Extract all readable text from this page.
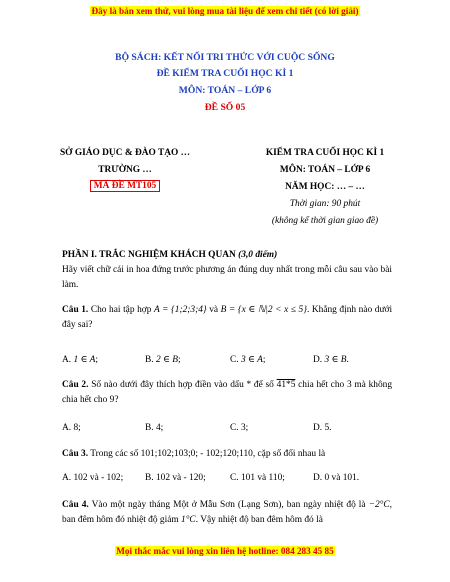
Đây là bản xem thử, vui lòng mua tài liệu để xem chi tiết (có lời giải)
BỘ SÁCH: KẾT NỐI TRI THỨC VỚI CUỘC SỐNG
ĐỀ KIỂM TRA CUỐI HỌC KÌ 1
MÔN: TOÁN – LỚP 6
ĐỀ SỐ 05
SỞ GIÁO DỤC & ĐÀO TẠO …
TRƯỜNG …
MÃ ĐỀ MT105
KIỂM TRA CUỐI HỌC KÌ 1
MÔN: TOÁN – LỚP 6
NĂM HỌC: … – …
Thời gian: 90 phút
(không kể thời gian giao đề)
PHẦN I. TRẮC NGHIỆM KHÁCH QUAN (3,0 điểm)
Hãy viết chữ cái in hoa đứng trước phương án đúng duy nhất trong mỗi câu sau vào bài làm.
Câu 1. Cho hai tập hợp A = {1;2;3;4} và B = {x ∈ ℕ|2 < x ≤ 5}. Khẳng định nào dưới đây sai?
A. 1 ∈ A;	B. 2 ∈ B;	C. 3 ∈ A;	D. 3 ∈ B.
Câu 2. Số nào dưới đây thích hợp điền vào dấu * để số 41*5 chia hết cho 3 mà không chia hết cho 9?
A. 8;	B. 4;	C. 3;	D. 5.
Câu 3. Trong các số 101;102;103;0; - 102;120;110, cặp số đối nhau là
A. 102 và - 102; B. 102 và - 120;	C. 101 và 110;	D. 0 và 101.
Câu 4. Vào một ngày tháng Một ở Mẫu Sơn (Lạng Sơn), ban ngày nhiệt độ là −2°C, ban đêm hôm đó nhiệt độ giảm 1°C. Vậy nhiệt độ ban đêm hôm đó là
Mọi thắc mắc vui lòng xin liên hệ hotline: 084 283 45 85
